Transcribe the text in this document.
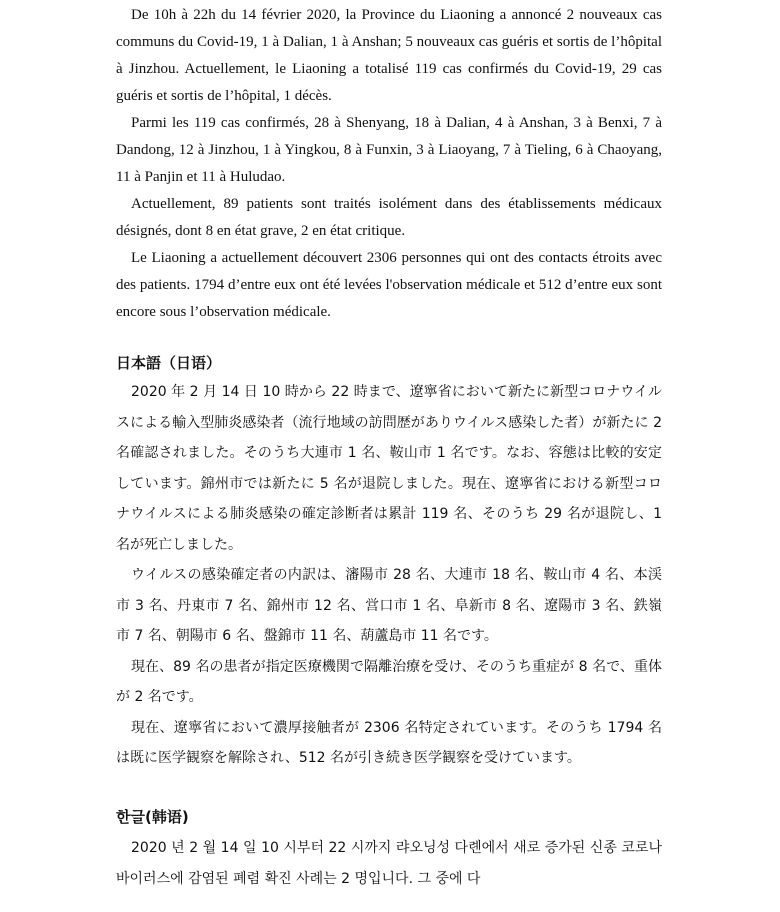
De 10h à 22h du 14 février 2020, la Province du Liaoning a annoncé 2 nouveaux cas communs du Covid-19, 1 à Dalian, 1 à Anshan; 5 nouveaux cas guéris et sortis de l’hôpital à Jinzhou. Actuellement, le Liaoning a totalisé 119 cas confirmés du Covid-19, 29 cas guéris et sortis de l’hôpital, 1 décès.

Parmi les 119 cas confirmés, 28 à Shenyang, 18 à Dalian, 4 à Anshan, 3 à Benxi, 7 à Dandong, 12 à Jinzhou, 1 à Yingkou, 8 à Funxin, 3 à Liaoyang, 7 à Tieling, 6 à Chaoyang, 11 à Panjin et 11 à Huludao.

Actuellement, 89 patients sont traités isolément dans des établissements médicaux désignés, dont 8 en état grave, 2 en état critique.

Le Liaoning a actuellement découvert 2306 personnes qui ont des contacts étroits avec des patients. 1794 d’entre eux ont été levées l'observation médicale et 512 d’entre eux sont encore sous l’observation médicale.

日本語（日语）

2020 年 2 月 14 日 10 時から 22 時まで、遼寧省において新たに新型コロナウイルスによる輸入型肺炎感染者（流行地域の訪問歴がありウイルス感染した者）が新たに 2 名確認されました。そのうち大連市 1 名、鞍山市 1 名です。なお、容態は比較的安定しています。錦州市では新たに 5 名が退院しました。現在、遼寧省における新型コロナウイルスによる肺炎感染の確定診断者は累計 119 名、そのうち 29 名が退院し、1 名が死亡しました。

ウイルスの感染確定者の内訳は、瀋陽市 28 名、大連市 18 名、鞍山市 4 名、本渓市 3 名、丹東市 7 名、錦州市 12 名、営口市 1 名、阜新市 8 名、遼陽市 3 名、鉄嶺市 7 名、朝陽市 6 名、盤錦市 11 名、葫蘆島市 11 名です。

現在、89 名の患者が指定医療機関で隔離治療を受け、そのうち重症が 8 名で、重体が 2 名です。

現在、遼寧省において濃厚接触者が 2306 名特定されています。そのうち 1794 名は既に医学観察を解除され、512 名が引き続き医学観察を受けています。

한글(韩语)

2020 년 2 월 14 일 10 시부터 22 시까지 랴오닝성 다롄에서 새로 증가된 신종 코로나바이러스에 감염된 폐렴 확진 사례는 2 명입니다. 그 중에 다
